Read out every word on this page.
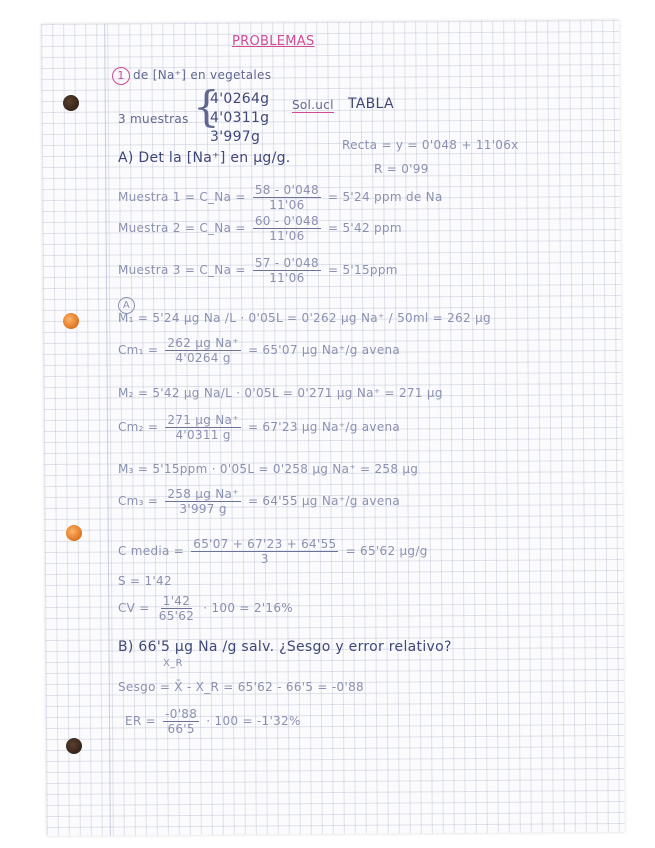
PROBLEMAS
1 de [Na⁺] en vegetales
3 muestras {
4'0264g
4'0311g
3'997g
Sol.ucl TABLA
A) Det la [Na⁺] en μg/g.
Recta = y = 0'048 + 11'06x
R = 0'99
Muestra 1 = C_Na = $\frac{58 - 0'048}{11'06} = 5'24$ ppm de Na
Muestra 2 = C_Na = $\frac{60 - 0'048}{11'06} = 5'42$ ppm
Muestra 3 = C_Na = $\frac{57 - 0'048}{11'06} = 5'15ppm$
A
M₁ = 5'24 μg Na /L · 0'05L = 0'262 μg Na⁺ / 50ml = 262 μg
$Cm_1 = \frac{\text{262 μg Na⁺}}{4'0264 g} = 65'07$ μg Na⁺/g avena
M₂ = 5'42 μg Na/L · 0'05L = 0'271 μg Na⁺ = 271 μg
$Cm_2 = \frac{\text{271 μg Na⁺}}{4'0311 g} = 67'23$ μg Na⁺/g avena
M₃ = 5'15ppm · 0'05L = 0'258 μg Na⁺ = 258 μg
$Cm_3 = \frac{\text{258 μg Na⁺}}{3'997 g} = 64'55$ μg Na⁺/g avena
C media = $\frac{65'07 + 67'23 + 64'55}{3} = 65'62$ μg/g
S = 1'42
CV = $\frac{1'42}{65'62} \cdot 100 = 2'16\%$
B) 66'5 μg Na /g salv. ¿Sesgo y error relativo?
X_R
Sesgo = X̄ - X_R = 65'62 - 66'5 = -0'88
ER = $\frac{-0'88}{66'5} \cdot 100 = -1'32\%$
